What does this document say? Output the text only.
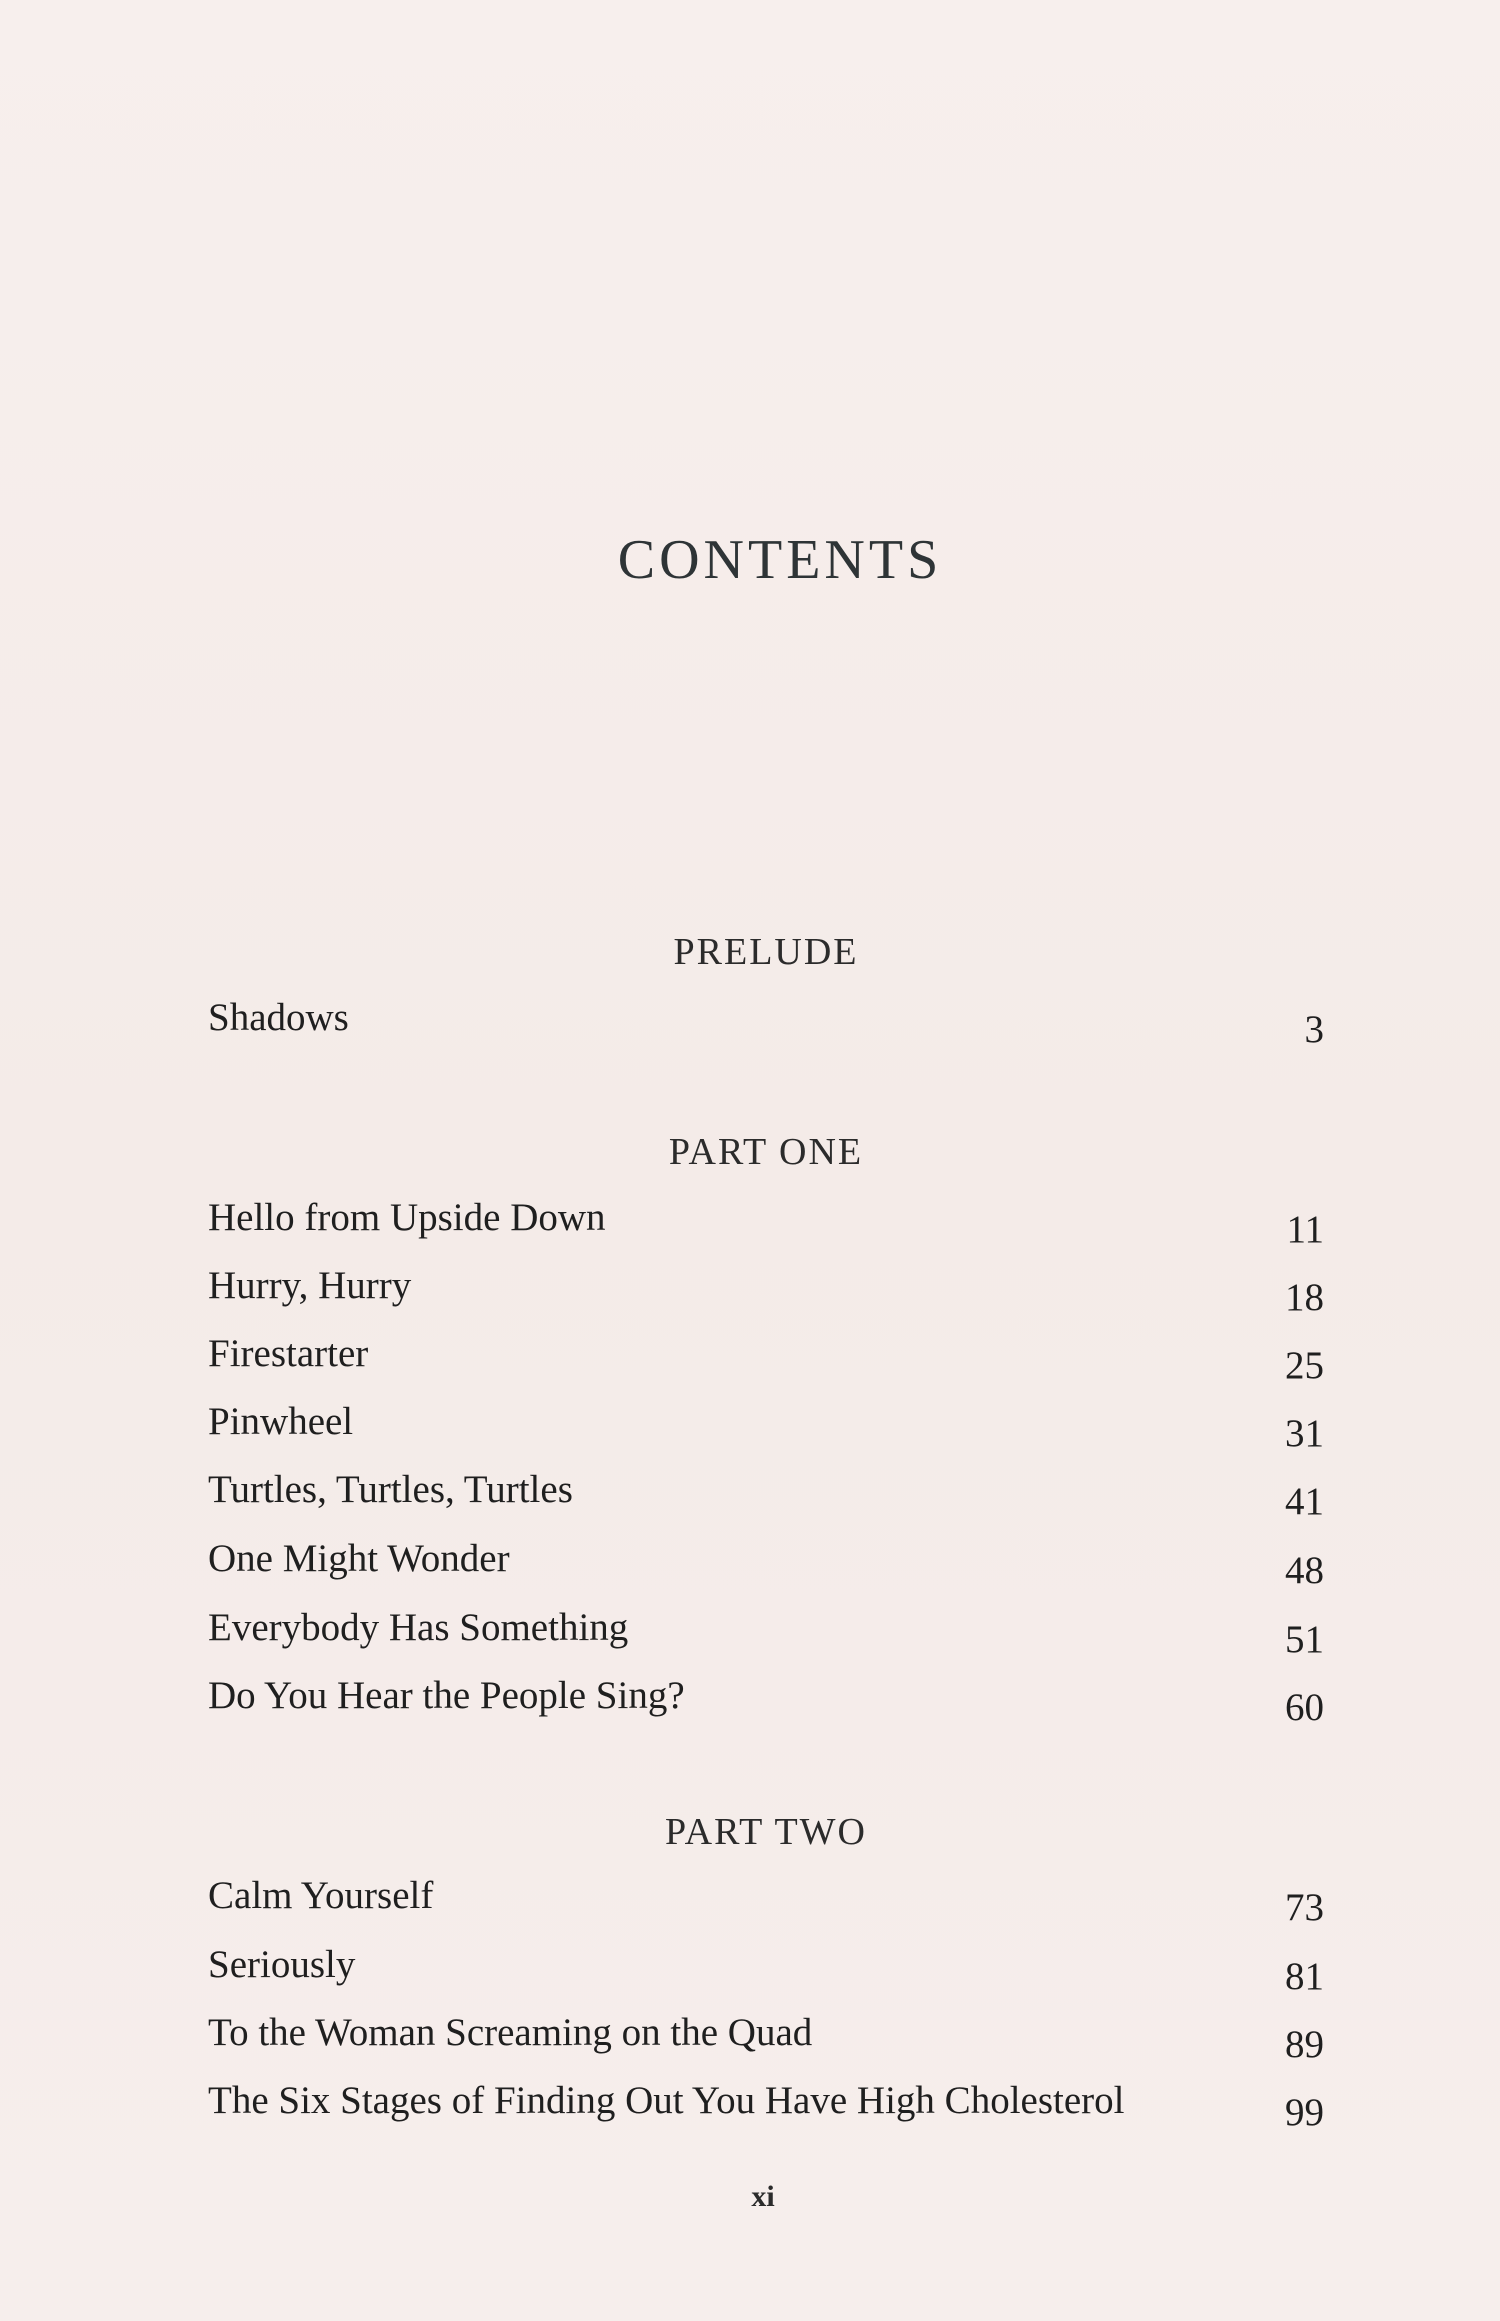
CONTENTS
PRELUDE
Shadows	3
PART ONE
Hello from Upside Down	11
Hurry, Hurry	18
Firestarter	25
Pinwheel	31
Turtles, Turtles, Turtles	41
One Might Wonder	48
Everybody Has Something	51
Do You Hear the People Sing?	60
PART TWO
Calm Yourself	73
Seriously	81
To the Woman Screaming on the Quad	89
The Six Stages of Finding Out You Have High Cholesterol	99
xi
